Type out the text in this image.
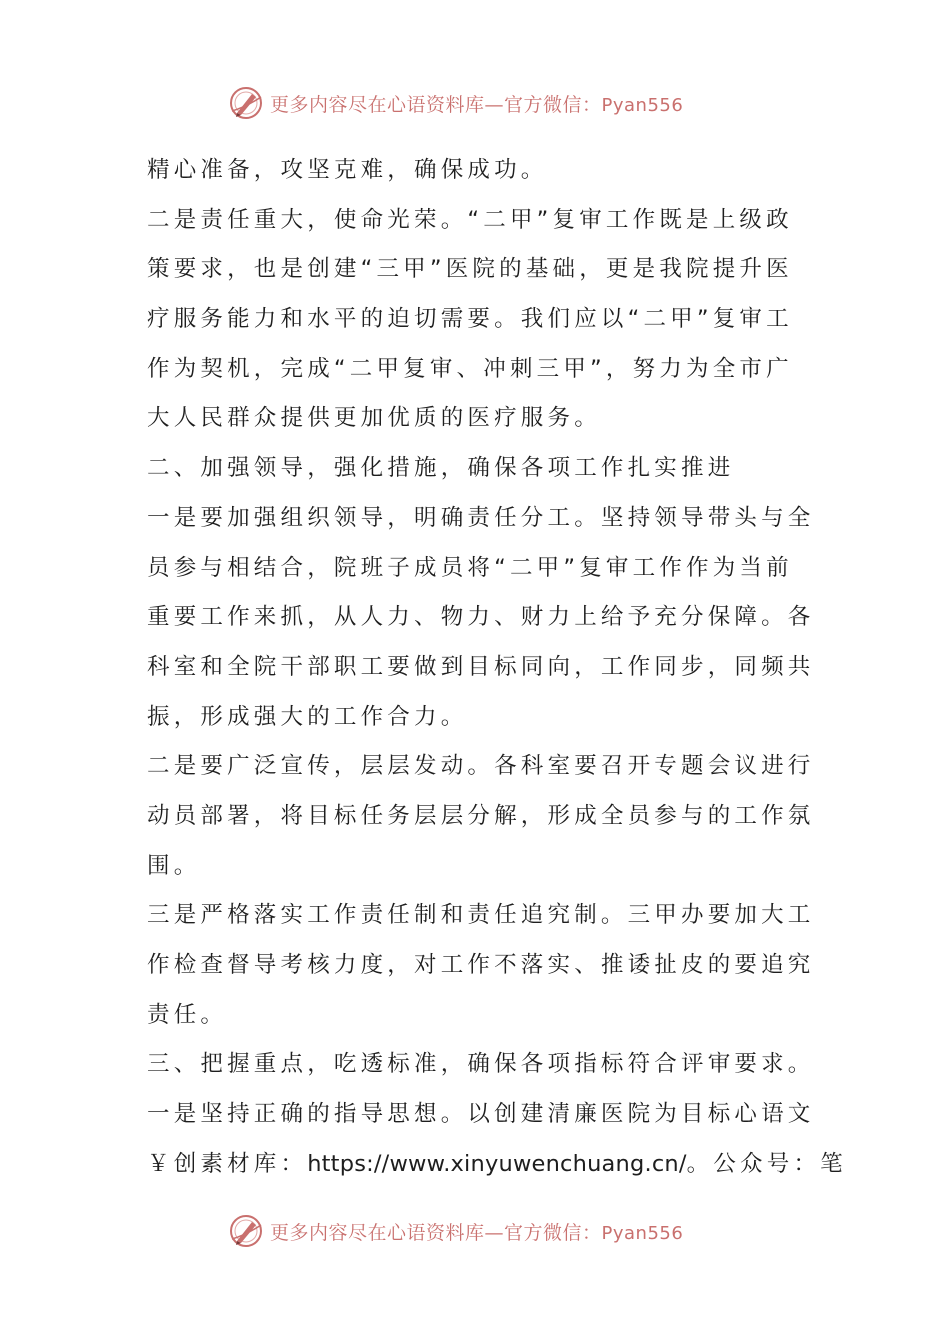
更多内容尽在心语资料库—官方微信：Pyan556
精心准备，攻坚克难，确保成功。
二是责任重大，使命光荣。“二甲”复审工作既是上级政
策要求，也是创建“三甲”医院的基础，更是我院提升医
疗服务能力和水平的迫切需要。我们应以“二甲”复审工
作为契机，完成“二甲复审、冲刺三甲”，努力为全市广
大人民群众提供更加优质的医疗服务。
二、加强领导，强化措施，确保各项工作扎实推进
一是要加强组织领导，明确责任分工。坚持领导带头与全
员参与相结合，院班子成员将“二甲”复审工作作为当前
重要工作来抓，从人力、物力、财力上给予充分保障。各
科室和全院干部职工要做到目标同向，工作同步，同频共
振，形成强大的工作合力。
二是要广泛宣传，层层发动。各科室要召开专题会议进行
动员部署，将目标任务层层分解，形成全员参与的工作氛
围。
三是严格落实工作责任制和责任追究制。三甲办要加大工
作检查督导考核力度，对工作不落实、推诿扯皮的要追究
责任。
三、把握重点，吃透标准，确保各项指标符合评审要求。
一是坚持正确的指导思想。以创建清廉医院为目标心语文
￥创素材库：https://www.xinyuwenchuang.cn/。公众号：笔
更多内容尽在心语资料库—官方微信：Pyan556
